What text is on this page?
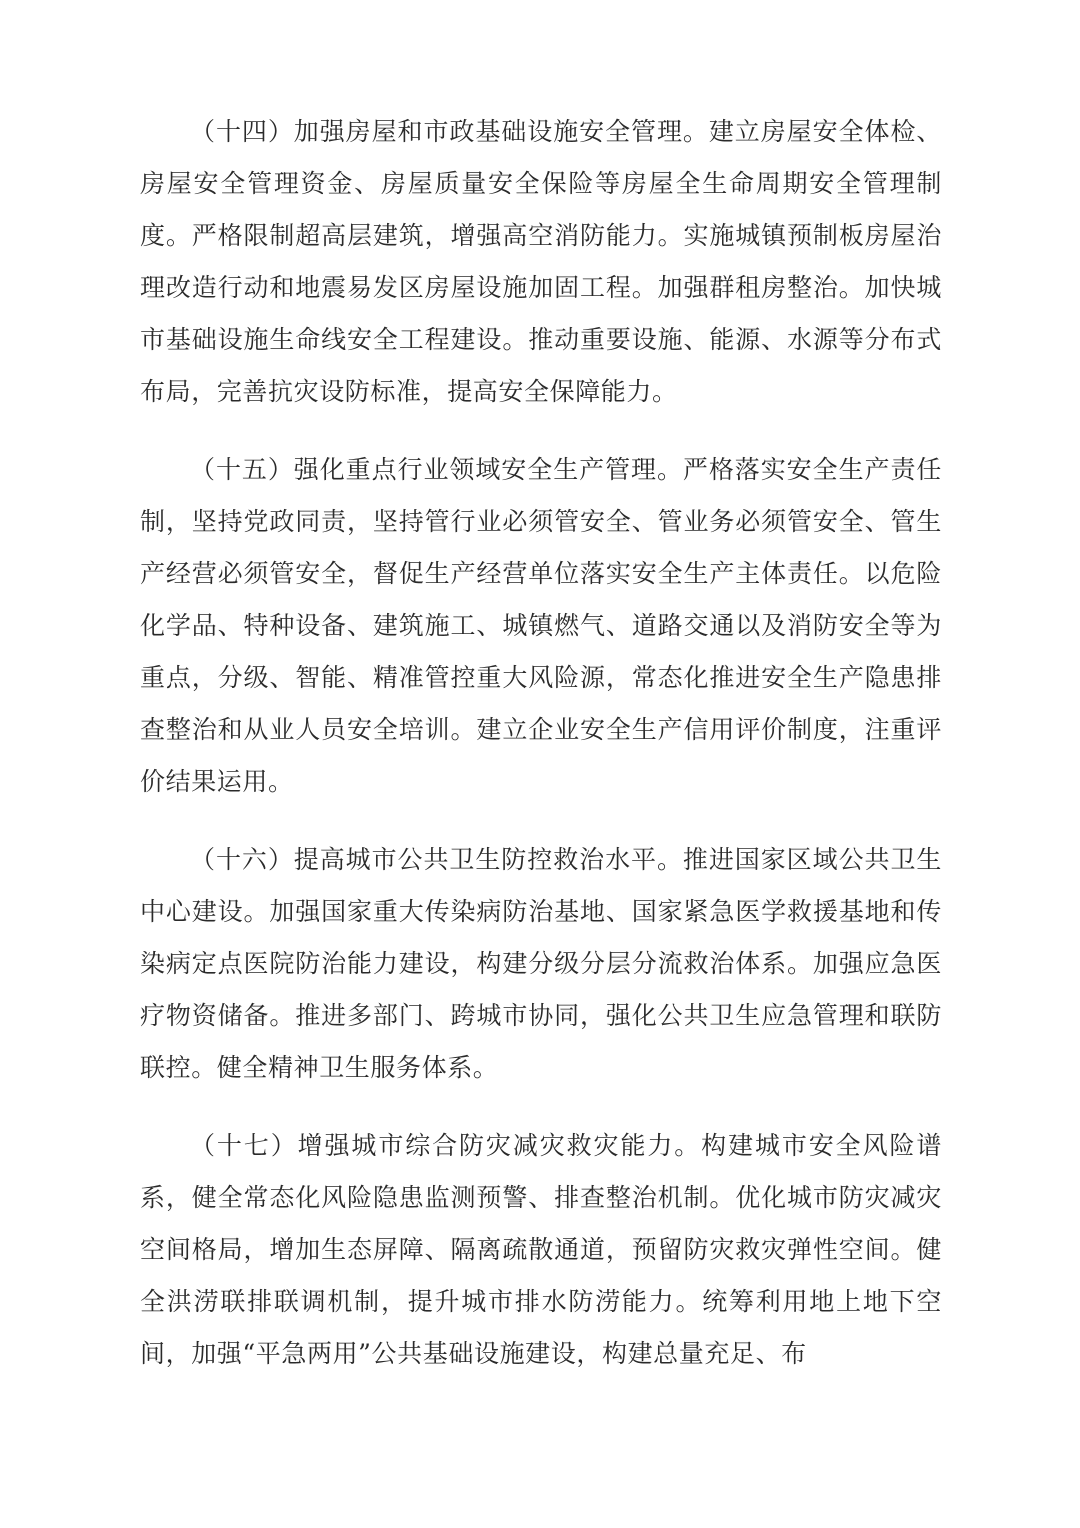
（十四）加强房屋和市政基础设施安全管理。建立房屋安全体检、房屋安全管理资金、房屋质量安全保险等房屋全生命周期安全管理制度。严格限制超高层建筑，增强高空消防能力。实施城镇预制板房屋治理改造行动和地震易发区房屋设施加固工程。加强群租房整治。加快城市基础设施生命线安全工程建设。推动重要设施、能源、水源等分布式布局，完善抗灾设防标准，提高安全保障能力。

（十五）强化重点行业领域安全生产管理。严格落实安全生产责任制，坚持党政同责，坚持管行业必须管安全、管业务必须管安全、管生产经营必须管安全，督促生产经营单位落实安全生产主体责任。以危险化学品、特种设备、建筑施工、城镇燃气、道路交通以及消防安全等为重点，分级、智能、精准管控重大风险源，常态化推进安全生产隐患排查整治和从业人员安全培训。建立企业安全生产信用评价制度，注重评价结果运用。

（十六）提高城市公共卫生防控救治水平。推进国家区域公共卫生中心建设。加强国家重大传染病防治基地、国家紧急医学救援基地和传染病定点医院防治能力建设，构建分级分层分流救治体系。加强应急医疗物资储备。推进多部门、跨城市协同，强化公共卫生应急管理和联防联控。健全精神卫生服务体系。

（十七）增强城市综合防灾减灾救灾能力。构建城市安全风险谱系，健全常态化风险隐患监测预警、排查整治机制。优化城市防灾减灾空间格局，增加生态屏障、隔离疏散通道，预留防灾救灾弹性空间。健全洪涝联排联调机制，提升城市排水防涝能力。统筹利用地上地下空间，加强“平急两用”公共基础设施建设，构建总量充足、布
